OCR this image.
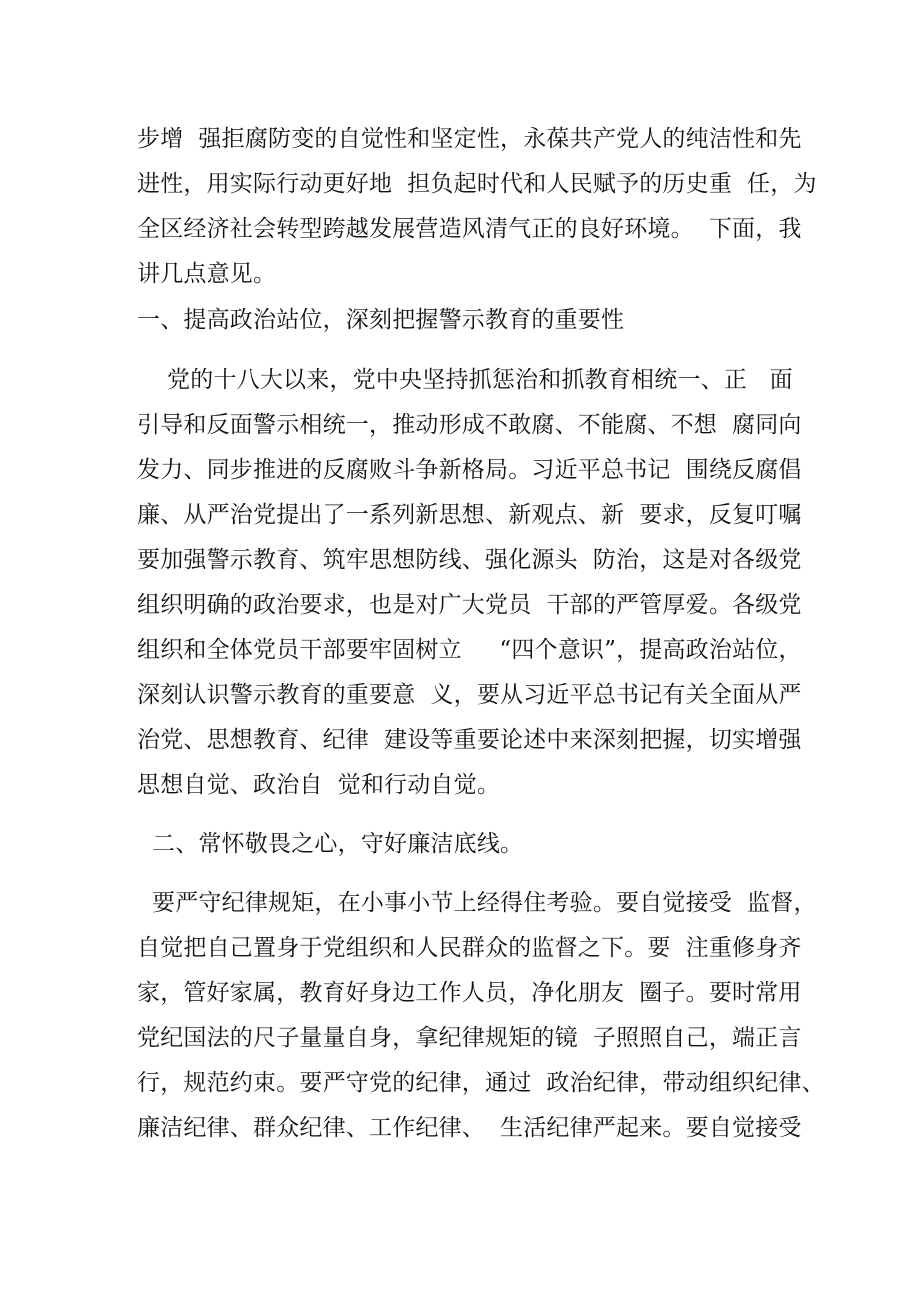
步增  强拒腐防变的自觉性和坚定性，永葆共产党人的纯洁性和先
进性，用实际行动更好地  担负起时代和人民赋予的历史重  任，为
全区经济社会转型跨越发展营造风清气正的良好环境。  下面，我
讲几点意见。
一、提高政治站位，深刻把握警示教育的重要性
党的十八大以来，党中央坚持抓惩治和抓教育相统一、正   面
引导和反面警示相统一，推动形成不敢腐、不能腐、不想  腐同向
发力、同步推进的反腐败斗争新格局。习近平总书记  围绕反腐倡
廉、从严治党提出了一系列新思想、新观点、新  要求，反复叮嘱
要加强警示教育、筑牢思想防线、强化源头  防治，这是对各级党
组织明确的政治要求，也是对广大党员  干部的严管厚爱。各级党
组织和全体党员干部要牢固树立     “四个意识”，提高政治站位，
深刻认识警示教育的重要意  义，要从习近平总书记有关全面从严
治党、思想教育、纪律  建设等重要论述中来深刻把握，切实增强
思想自觉、政治自  觉和行动自觉。
二、常怀敬畏之心，守好廉洁底线。
要严守纪律规矩，在小事小节上经得住考验。要自觉接受  监督，
自觉把自己置身于党组织和人民群众的监督之下。要  注重修身齐
家，管好家属，教育好身边工作人员，净化朋友  圈子。要时常用
党纪国法的尺子量量自身，拿纪律规矩的镜  子照照自己，端正言
行，规范约束。要严守党的纪律，通过  政治纪律，带动组织纪律、
廉洁纪律、群众纪律、工作纪律、  生活纪律严起来。要自觉接受
